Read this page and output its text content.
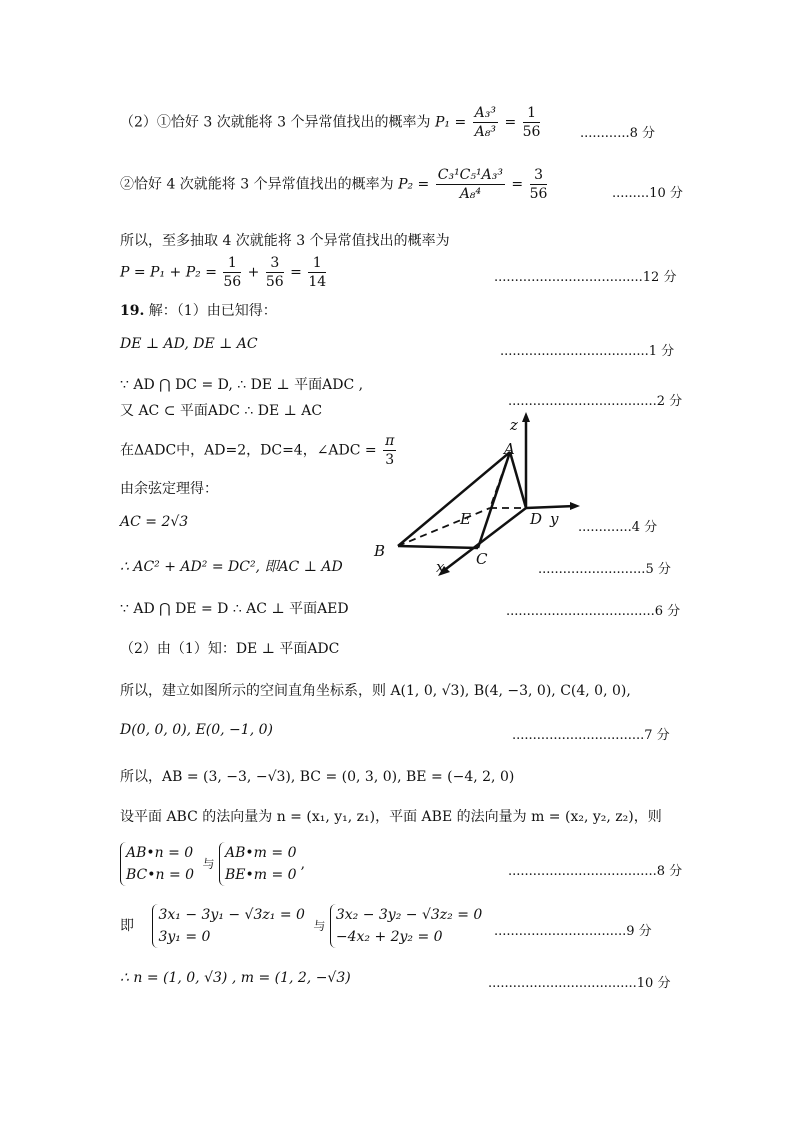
（2）①恰好 3 次就能将 3 个异常值找出的概率为 $P_1 = \frac{\text{A₃³}}{\text{A₈³}} = \frac{1}{56}$	............8 分
②恰好 4 次就能将 3 个异常值找出的概率为 $P_2 = \frac{\text{C₃¹C₅¹A₃³}}{\text{A₈⁴}} = \frac{3}{56}$	.........10 分
所以，至多抽取 4 次就能将 3 个异常值找出的概率为
$P = P_1 + P_2 = \frac{1}{56} + \frac{3}{56} = \frac{1}{14}$	....................................12 分
19. 解：（1）由已知得：
DE ⊥ AD, DE ⊥ AC	....................................1 分
∵ AD ⋂ DC = D, ∴ DE ⊥ 平面ADC ,
又 AC ⊂ 平面ADC ∴ DE ⊥ AC
....................................2 分
在ΔADC中，AD=2，DC=4，∠ADC = $\frac{\pi}{3}$
由余弦定理得：
AC = 2√3	.............4 分
∴ AC² + AD² = DC², 即AC ⊥ AD	..........................5 分
∵ AD ⋂ DE = D ∴ AC ⊥ 平面AED	....................................6 分
z
A
E	D y
B	C
x
（2）由（1）知：DE ⊥ 平面ADC
所以，建立如图所示的空间直角坐标系，则 A(1, 0, √3), B(4, −3, 0), C(4, 0, 0),
D(0, 0, 0), E(0, −1, 0)	................................7 分
所以，AB = (3, −3, −√3), BC = (0, 3, 0), BE = (−4, 2, 0)
设平面 ABC 的法向量为 n = (x₁, y₁, z₁)，平面 ABE 的法向量为 m = (x₂, y₂, z₂)，则
AB•n = 0
BC•n = 0 与 AB•m = 0
BE•m = 0,	....................................8 分
即 3x₁ − 3y₁ − √3z₁ = 0
3y₁ = 0 与 3x₂ − 3y₂ − √3z₂ = 0
−4x₂ + 2y₂ = 0	................................9 分
∴ n = (1, 0, √3) , m = (1, 2, −√3)	....................................10 分
